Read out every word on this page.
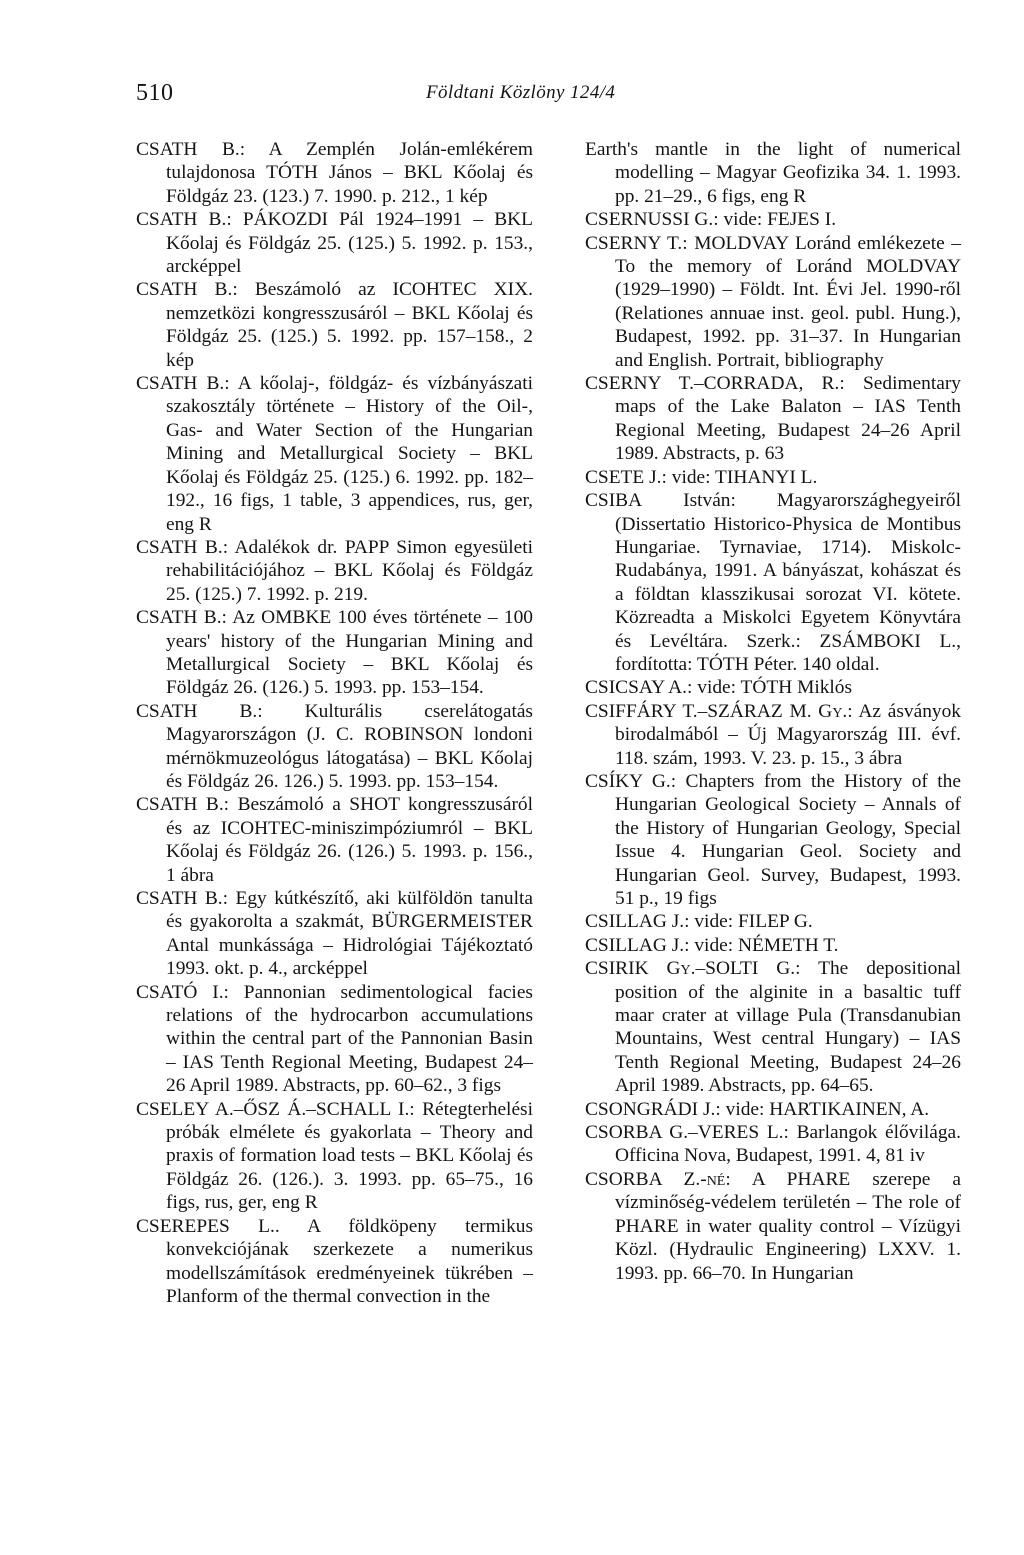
510	Földtani Közlöny 124/4
CSATH B.: A Zemplén Jolán-emlékérem tulajdonosa TÓTH János – BKL Kőolaj és Földgáz 23. (123.) 7. 1990. p. 212., 1 kép
CSATH B.: PÁKOZDI Pál 1924–1991 – BKL Kőolaj és Földgáz 25. (125.) 5. 1992. p. 153., arcképpel
CSATH B.: Beszámoló az ICOHTEC XIX. nemzetközi kongresszusáról – BKL Kőolaj és Földgáz 25. (125.) 5. 1992. pp. 157–158., 2 kép
CSATH B.: A kőolaj-, földgáz- és vízbányászati szakosztály története – History of the Oil-, Gas- and Water Section of the Hungarian Mining and Metallurgical Society – BKL Kőolaj és Földgáz 25. (125.) 6. 1992. pp. 182–192., 16 figs, 1 table, 3 appendices, rus, ger, eng R
CSATH B.: Adalékok dr. PAPP Simon egyesületi rehabilitációjához – BKL Kőolaj és Földgáz 25. (125.) 7. 1992. p. 219.
CSATH B.: Az OMBKE 100 éves története – 100 years' history of the Hungarian Mining and Metallurgical Society – BKL Kőolaj és Földgáz 26. (126.) 5. 1993. pp. 153–154.
CSATH B.: Kulturális cserelátogatás Magyarországon (J. C. ROBINSON londoni mérnökmuzeológus látogatása) – BKL Kőolaj és Földgáz 26. 126.) 5. 1993. pp. 153–154.
CSATH B.: Beszámoló a SHOT kongresszusáról és az ICOHTEC-miniszimpóziumról – BKL Kőolaj és Földgáz 26. (126.) 5. 1993. p. 156., 1 ábra
CSATH B.: Egy kútkészítő, aki külföldön tanulta és gyakorolta a szakmát, BÜRGERMEISTER Antal munkássága – Hidrológiai Tájékoztató 1993. okt. p. 4., arcképpel
CSATÓ I.: Pannonian sedimentological facies relations of the hydrocarbon accumulations within the central part of the Pannonian Basin – IAS Tenth Regional Meeting, Budapest 24–26 April 1989. Abstracts, pp. 60–62., 3 figs
CSELEY A.–ŐSZ Á.–SCHALL I.: Rétegterhelési próbák elmélete és gyakorlata – Theory and praxis of formation load tests – BKL Kőolaj és Földgáz 26. (126.). 3. 1993. pp. 65–75., 16 figs, rus, ger, eng R
CSEREPES L.. A földköpeny termikus konvekciójának szerkezete a numerikus modellszámítások eredményeinek tükrében – Planform of the thermal convection in the
Earth's mantle in the light of numerical modelling – Magyar Geofizika 34. 1. 1993. pp. 21–29., 6 figs, eng R
CSERNUSSI G.: vide: FEJES I.
CSERNY T.: MOLDVAY Loránd emlékezete – To the memory of Loránd MOLDVAY (1929–1990) – Földt. Int. Évi Jel. 1990-ről (Relationes annuae inst. geol. publ. Hung.), Budapest, 1992. pp. 31–37. In Hungarian and English. Portrait, bibliography
CSERNY T.–CORRADA, R.: Sedimentary maps of the Lake Balaton – IAS Tenth Regional Meeting, Budapest 24–26 April 1989. Abstracts, p. 63
CSETE J.: vide: TIHANYI L.
CSIBA István: Magyarországhegyeiről (Dissertatio Historico-Physica de Montibus Hungariae. Tyrnaviae, 1714). Miskolc-Rudabánya, 1991. A bányászat, kohászat és a földtan klasszikusai sorozat VI. kötete. Közreadta a Miskolci Egyetem Könyvtára és Levéltára. Szerk.: ZSÁMBOKI L., fordította: TÓTH Péter. 140 oldal.
CSICSAY A.: vide: TÓTH Miklós
CSIFFÁRY T.–SZÁRAZ M. Gy.: Az ásványok birodalmából – Új Magyarország III. évf. 118. szám, 1993. V. 23. p. 15., 3 ábra
CSÍKY G.: Chapters from the History of the Hungarian Geological Society – Annals of the History of Hungarian Geology, Special Issue 4. Hungarian Geol. Society and Hungarian Geol. Survey, Budapest, 1993. 51 p., 19 figs
CSILLAG J.: vide: FILEP G.
CSILLAG J.: vide: NÉMETH T.
CSIRIK Gy.–SOLTI G.: The depositional position of the alginite in a basaltic tuff maar crater at village Pula (Transdanubian Mountains, West central Hungary) – IAS Tenth Regional Meeting, Budapest 24–26 April 1989. Abstracts, pp. 64–65.
CSONGRÁDI J.: vide: HARTIKAINEN, A.
CSORBA G.–VERES L.: Barlangok élővilága. Officina Nova, Budapest, 1991. 4, 81 iv
CSORBA Z.-né: A PHARE szerepe a vízminőség-védelem területén – The role of PHARE in water quality control – Vízügyi Közl. (Hydraulic Engineering) LXXV. 1. 1993. pp. 66–70. In Hungarian
